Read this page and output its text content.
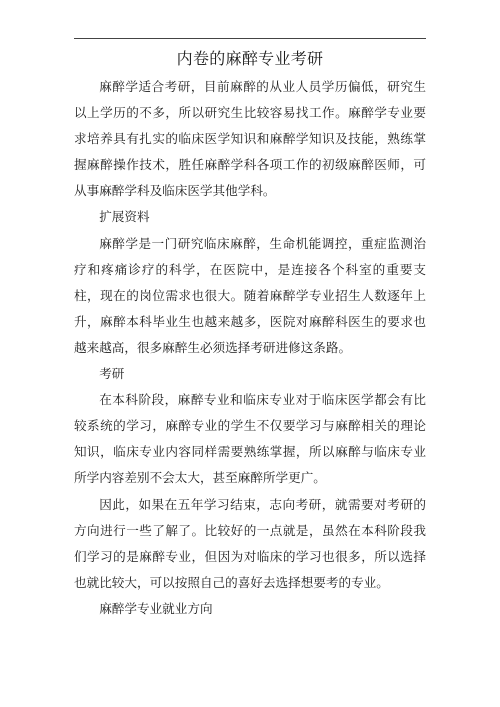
内卷的麻醉专业考研

麻醉学适合考研，目前麻醉的从业人员学历偏低，研究生以上学历的不多，所以研究生比较容易找工作。麻醉学专业要求培养具有扎实的临床医学知识和麻醉学知识及技能，熟练掌握麻醉操作技术，胜任麻醉学科各项工作的初级麻醉医师，可从事麻醉学科及临床医学其他学科。

扩展资料

麻醉学是一门研究临床麻醉，生命机能调控，重症监测治疗和疼痛诊疗的科学，在医院中，是连接各个科室的重要支柱，现在的岗位需求也很大。随着麻醉学专业招生人数逐年上升，麻醉本科毕业生也越来越多，医院对麻醉科医生的要求也越来越高，很多麻醉生必须选择考研进修这条路。

考研

在本科阶段，麻醉专业和临床专业对于临床医学都会有比较系统的学习，麻醉专业的学生不仅要学习与麻醉相关的理论知识，临床专业内容同样需要熟练掌握，所以麻醉与临床专业所学内容差别不会太大，甚至麻醉所学更广。

因此，如果在五年学习结束，志向考研，就需要对考研的方向进行一些了解了。比较好的一点就是，虽然在本科阶段我们学习的是麻醉专业，但因为对临床的学习也很多，所以选择也就比较大，可以按照自己的喜好去选择想要考的专业。

麻醉学专业就业方向
